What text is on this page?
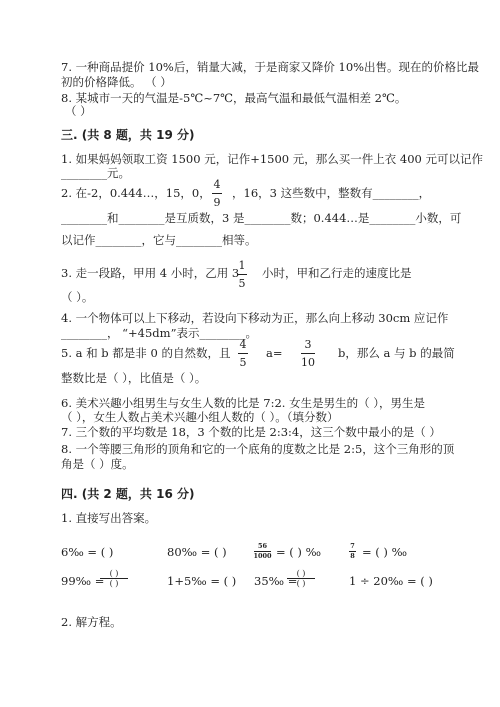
7. 一种商品提价 10%后，销量大减，于是商家又降价 10%出售。现在的价格比最
初的价格降低。 （ ）
8. 某城市一天的气温是-5℃~7℃，最高气温和最低气温相差 2℃。
（ ）
三. (共 8 题，共 19 分)
1. 如果妈妈领取工资 1500 元，记作+1500 元，那么买一件上衣 400 元可以记作
________元。
2. 在-2，0.444…，15，0，
4
9
，16，3 这些数中，整数有________，
________和________是互质数，3 是________数；0.444…是________小数，可
以记作________，它与________相等。
3. 走一段路，甲用 4 小时，乙用 3
1
5
小时，甲和乙行走的速度比是
（ ）。
4. 一个物体可以上下移动，若设向下移动为正，那么向上移动 30cm 应记作
________， “+45dm”表示________。
5. a 和 b 都是非 0 的自然数，且
4
5
a=
3
10
b，那么 a 与 b 的最简
整数比是（ ），比值是（ ）。
6. 美术兴趣小组男生与女生人数的比是 7:2. 女生是男生的（ ），男生是
（ ），女生人数占美术兴趣小组人数的（ ）。（填分数）
7. 三个数的平均数是 18，3 个数的比是 2:3:4，这三个数中最小的是（ ）
8. 一个等腰三角形的顶角和它的一个底角的度数之比是 2:5，这个三角形的顶
角是（ ）度。
四. (共 2 题，共 16 分)
1. 直接写出答案。
6‰ = ( )	80‰ = ( )	56
1000 = ( ) ‰	7
8 = ( ) ‰
99‰ =
( )
( )	1+5‰ = ( ) 35‰ =
( )
( )	1 ÷ 20‰ = ( )
2. 解方程。
